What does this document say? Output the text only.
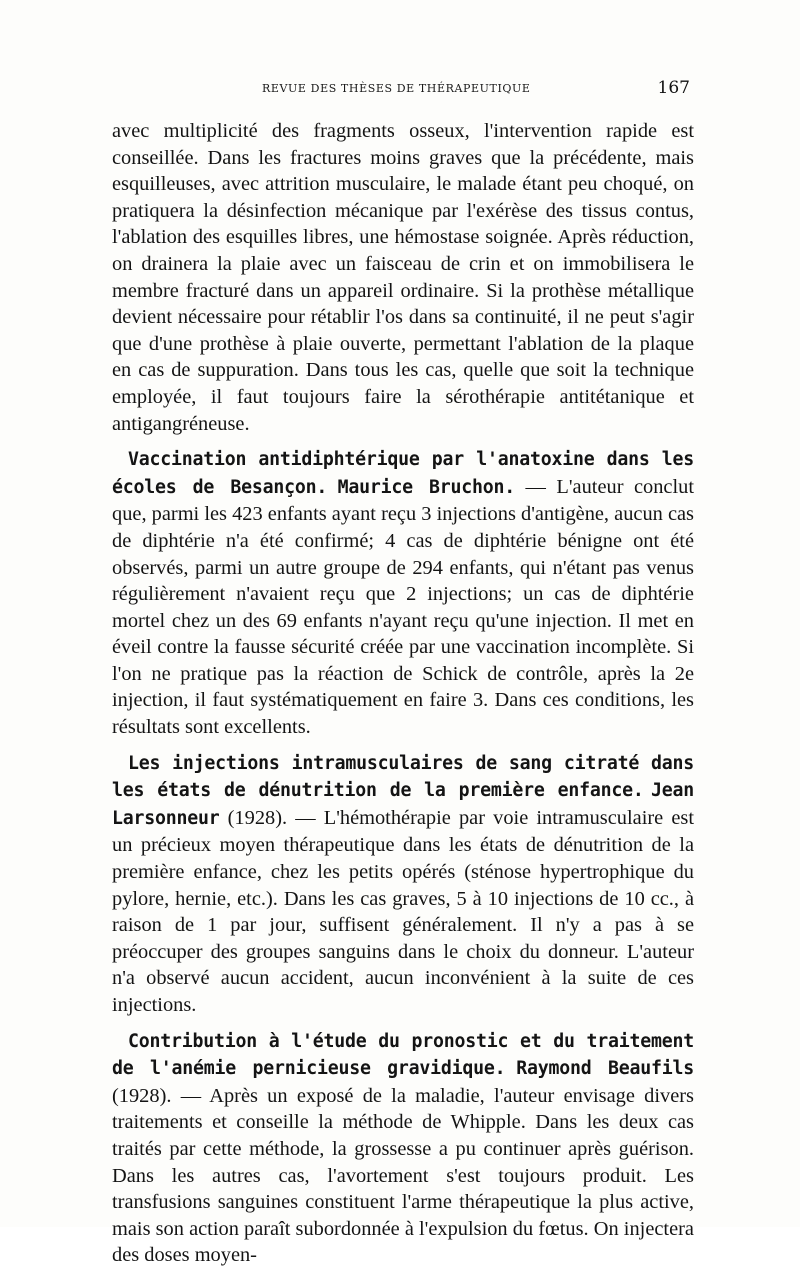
REVUE DES THÈSES DE THÉRAPEUTIQUE	167

avec multiplicité des fragments osseux, l'intervention rapide est conseillée. Dans les fractures moins graves que la précédente, mais esquilleuses, avec attrition musculaire, le malade étant peu choqué, on pratiquera la désinfection mécanique par l'exérèse des tissus contus, l'ablation des esquilles libres, une hémostase soignée. Après réduction, on drainera la plaie avec un faisceau de crin et on immobilisera le membre fracturé dans un appareil ordinaire. Si la prothèse métallique devient nécessaire pour rétablir l'os dans sa continuité, il ne peut s'agir que d'une prothèse à plaie ouverte, permettant l'ablation de la plaque en cas de suppuration. Dans tous les cas, quelle que soit la technique employée, il faut toujours faire la sérothérapie antitétanique et antigangréneuse.

Vaccination antidiphtérique par l'anatoxine dans les écoles de Besançon. Maurice Bruchon. — L'auteur conclut que, parmi les 423 enfants ayant reçu 3 injections d'antigène, aucun cas de diphtérie n'a été confirmé; 4 cas de diphtérie bénigne ont été observés, parmi un autre groupe de 294 enfants, qui n'étant pas venus régulièrement n'avaient reçu que 2 injections; un cas de diphtérie mortel chez un des 69 enfants n'ayant reçu qu'une injection. Il met en éveil contre la fausse sécurité créée par une vaccination incomplète. Si l'on ne pratique pas la réaction de Schick de contrôle, après la 2e injection, il faut systématiquement en faire 3. Dans ces conditions, les résultats sont excellents.

Les injections intramusculaires de sang citraté dans les états de dénutrition de la première enfance. Jean Larsonneur (1928). — L'hémothérapie par voie intramusculaire est un précieux moyen thérapeutique dans les états de dénutrition de la première enfance, chez les petits opérés (sténose hypertrophique du pylore, hernie, etc.). Dans les cas graves, 5 à 10 injections de 10 cc., à raison de 1 par jour, suffisent généralement. Il n'y a pas à se préoccuper des groupes sanguins dans le choix du donneur. L'auteur n'a observé aucun accident, aucun inconvénient à la suite de ces injections.

Contribution à l'étude du pronostic et du traitement de l'anémie pernicieuse gravidique. Raymond Beaufils (1928). — Après un exposé de la maladie, l'auteur envisage divers traitements et conseille la méthode de Whipple. Dans les deux cas traités par cette méthode, la grossesse a pu continuer après guérison. Dans les autres cas, l'avortement s'est toujours produit. Les transfusions sanguines constituent l'arme thérapeutique la plus active, mais son action paraît subordonnée à l'expulsion du fœtus. On injectera des doses moyen-
